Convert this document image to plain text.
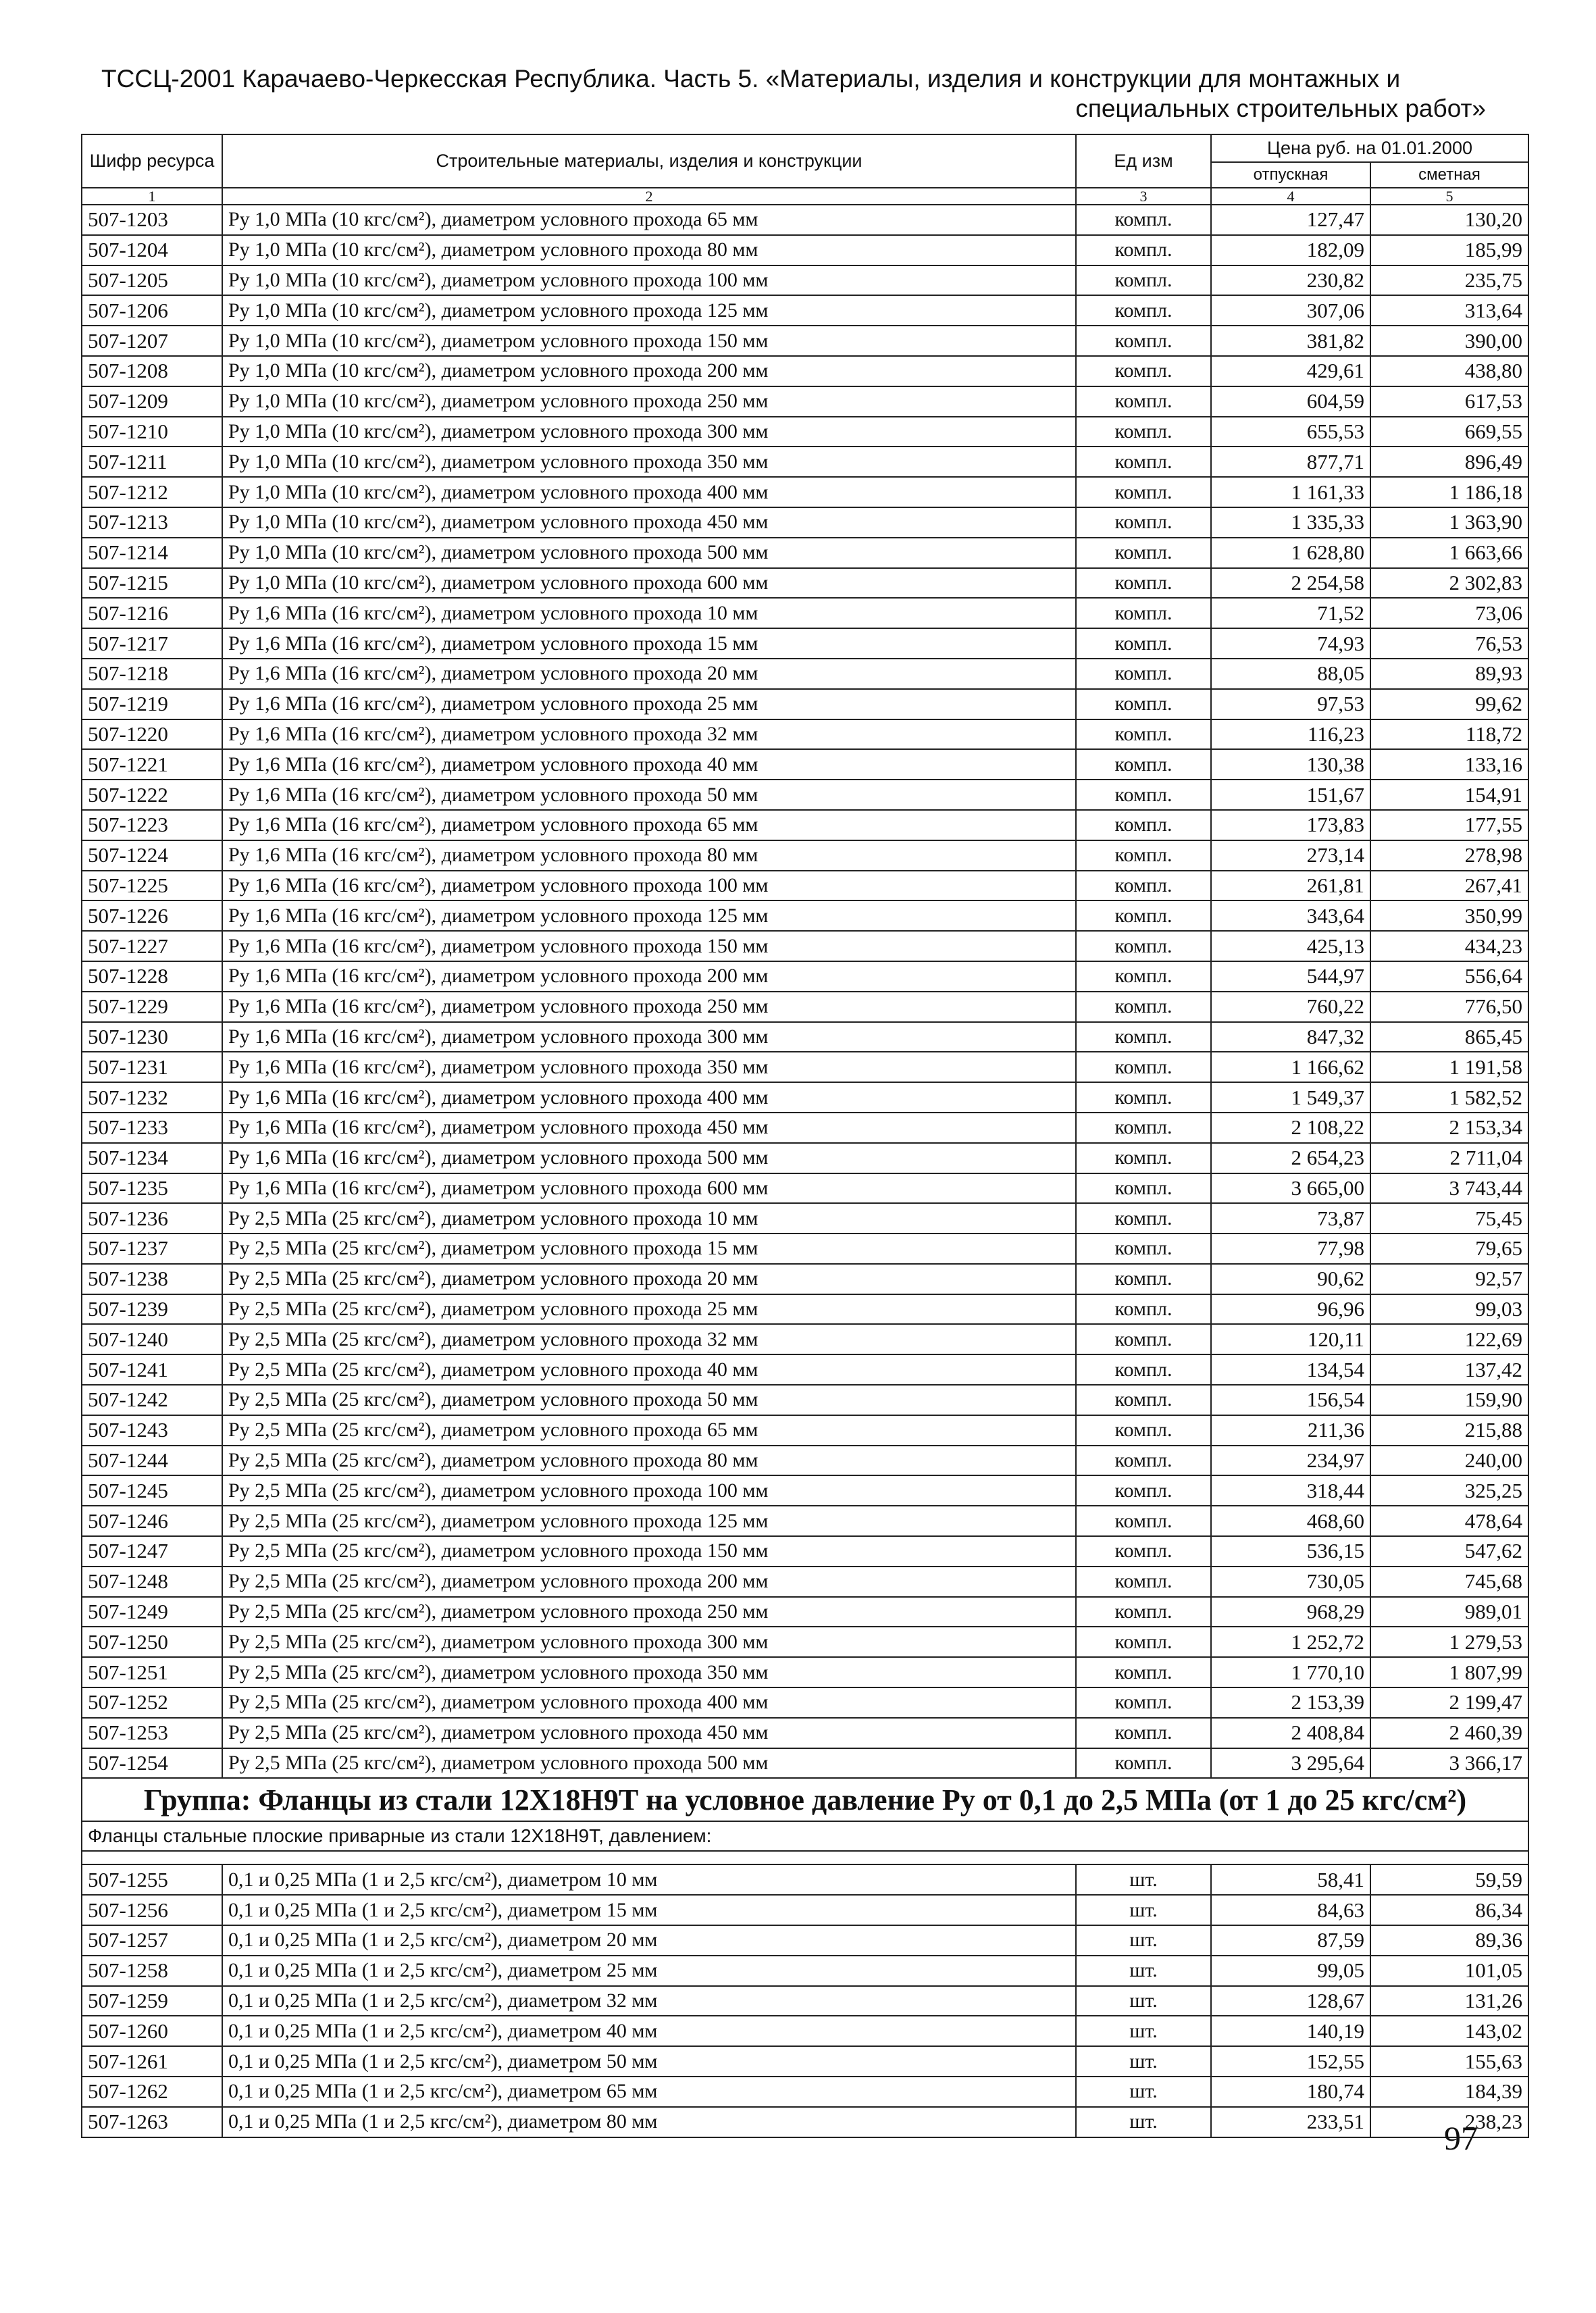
ТССЦ-2001 Карачаево-Черкесская Республика. Часть 5. «Материалы, изделия и конструкции для монтажных и
специальных строительных работ»
Шифр ресурса	Строительные материалы, изделия и конструкции	Ед изм	Цена руб. на 01.01.2000	
			отпускная	сметная
1	2	3	4	5
507-1203	Ру 1,0 МПа (10 кгс/см²), диаметром условного прохода 65 мм	компл.	127,47	130,20
507-1204	Ру 1,0 МПа (10 кгс/см²), диаметром условного прохода 80 мм	компл.	182,09	185,99
507-1205	Ру 1,0 МПа (10 кгс/см²), диаметром условного прохода 100 мм	компл.	230,82	235,75
507-1206	Ру 1,0 МПа (10 кгс/см²), диаметром условного прохода 125 мм	компл.	307,06	313,64
507-1207	Ру 1,0 МПа (10 кгс/см²), диаметром условного прохода 150 мм	компл.	381,82	390,00
507-1208	Ру 1,0 МПа (10 кгс/см²), диаметром условного прохода 200 мм	компл.	429,61	438,80
507-1209	Ру 1,0 МПа (10 кгс/см²), диаметром условного прохода 250 мм	компл.	604,59	617,53
507-1210	Ру 1,0 МПа (10 кгс/см²), диаметром условного прохода 300 мм	компл.	655,53	669,55
507-1211	Ру 1,0 МПа (10 кгс/см²), диаметром условного прохода 350 мм	компл.	877,71	896,49
507-1212	Ру 1,0 МПа (10 кгс/см²), диаметром условного прохода 400 мм	компл.	1 161,33	1 186,18
507-1213	Ру 1,0 МПа (10 кгс/см²), диаметром условного прохода 450 мм	компл.	1 335,33	1 363,90
507-1214	Ру 1,0 МПа (10 кгс/см²), диаметром условного прохода 500 мм	компл.	1 628,80	1 663,66
507-1215	Ру 1,0 МПа (10 кгс/см²), диаметром условного прохода 600 мм	компл.	2 254,58	2 302,83
507-1216	Ру 1,6 МПа (16 кгс/см²), диаметром условного прохода 10 мм	компл.	71,52	73,06
507-1217	Ру 1,6 МПа (16 кгс/см²), диаметром условного прохода 15 мм	компл.	74,93	76,53
507-1218	Ру 1,6 МПа (16 кгс/см²), диаметром условного прохода 20 мм	компл.	88,05	89,93
507-1219	Ру 1,6 МПа (16 кгс/см²), диаметром условного прохода 25 мм	компл.	97,53	99,62
507-1220	Ру 1,6 МПа (16 кгс/см²), диаметром условного прохода 32 мм	компл.	116,23	118,72
507-1221	Ру 1,6 МПа (16 кгс/см²), диаметром условного прохода 40 мм	компл.	130,38	133,16
507-1222	Ру 1,6 МПа (16 кгс/см²), диаметром условного прохода 50 мм	компл.	151,67	154,91
507-1223	Ру 1,6 МПа (16 кгс/см²), диаметром условного прохода 65 мм	компл.	173,83	177,55
507-1224	Ру 1,6 МПа (16 кгс/см²), диаметром условного прохода 80 мм	компл.	273,14	278,98
507-1225	Ру 1,6 МПа (16 кгс/см²), диаметром условного прохода 100 мм	компл.	261,81	267,41
507-1226	Ру 1,6 МПа (16 кгс/см²), диаметром условного прохода 125 мм	компл.	343,64	350,99
507-1227	Ру 1,6 МПа (16 кгс/см²), диаметром условного прохода 150 мм	компл.	425,13	434,23
507-1228	Ру 1,6 МПа (16 кгс/см²), диаметром условного прохода 200 мм	компл.	544,97	556,64
507-1229	Ру 1,6 МПа (16 кгс/см²), диаметром условного прохода 250 мм	компл.	760,22	776,50
507-1230	Ру 1,6 МПа (16 кгс/см²), диаметром условного прохода 300 мм	компл.	847,32	865,45
507-1231	Ру 1,6 МПа (16 кгс/см²), диаметром условного прохода 350 мм	компл.	1 166,62	1 191,58
507-1232	Ру 1,6 МПа (16 кгс/см²), диаметром условного прохода 400 мм	компл.	1 549,37	1 582,52
507-1233	Ру 1,6 МПа (16 кгс/см²), диаметром условного прохода 450 мм	компл.	2 108,22	2 153,34
507-1234	Ру 1,6 МПа (16 кгс/см²), диаметром условного прохода 500 мм	компл.	2 654,23	2 711,04
507-1235	Ру 1,6 МПа (16 кгс/см²), диаметром условного прохода 600 мм	компл.	3 665,00	3 743,44
507-1236	Ру 2,5 МПа (25 кгс/см²), диаметром условного прохода 10 мм	компл.	73,87	75,45
507-1237	Ру 2,5 МПа (25 кгс/см²), диаметром условного прохода 15 мм	компл.	77,98	79,65
507-1238	Ру 2,5 МПа (25 кгс/см²), диаметром условного прохода 20 мм	компл.	90,62	92,57
507-1239	Ру 2,5 МПа (25 кгс/см²), диаметром условного прохода 25 мм	компл.	96,96	99,03
507-1240	Ру 2,5 МПа (25 кгс/см²), диаметром условного прохода 32 мм	компл.	120,11	122,69
507-1241	Ру 2,5 МПа (25 кгс/см²), диаметром условного прохода 40 мм	компл.	134,54	137,42
507-1242	Ру 2,5 МПа (25 кгс/см²), диаметром условного прохода 50 мм	компл.	156,54	159,90
507-1243	Ру 2,5 МПа (25 кгс/см²), диаметром условного прохода 65 мм	компл.	211,36	215,88
507-1244	Ру 2,5 МПа (25 кгс/см²), диаметром условного прохода 80 мм	компл.	234,97	240,00
507-1245	Ру 2,5 МПа (25 кгс/см²), диаметром условного прохода 100 мм	компл.	318,44	325,25
507-1246	Ру 2,5 МПа (25 кгс/см²), диаметром условного прохода 125 мм	компл.	468,60	478,64
507-1247	Ру 2,5 МПа (25 кгс/см²), диаметром условного прохода 150 мм	компл.	536,15	547,62
507-1248	Ру 2,5 МПа (25 кгс/см²), диаметром условного прохода 200 мм	компл.	730,05	745,68
507-1249	Ру 2,5 МПа (25 кгс/см²), диаметром условного прохода 250 мм	компл.	968,29	989,01
507-1250	Ру 2,5 МПа (25 кгс/см²), диаметром условного прохода 300 мм	компл.	1 252,72	1 279,53
507-1251	Ру 2,5 МПа (25 кгс/см²), диаметром условного прохода 350 мм	компл.	1 770,10	1 807,99
507-1252	Ру 2,5 МПа (25 кгс/см²), диаметром условного прохода 400 мм	компл.	2 153,39	2 199,47
507-1253	Ру 2,5 МПа (25 кгс/см²), диаметром условного прохода 450 мм	компл.	2 408,84	2 460,39
507-1254	Ру 2,5 МПа (25 кгс/см²), диаметром условного прохода 500 мм	компл.	3 295,64	3 366,17
Группа: Фланцы из стали 12Х18Н9Т на условное давление Ру от 0,1 до 2,5 МПа (от 1 до 25 кгс/см²)				
Фланцы стальные плоские приварные из стали 12Х18Н9Т, давлением:				

507-1255	0,1 и 0,25 МПа (1 и 2,5 кгс/см²), диаметром 10 мм	шт.	58,41	59,59
507-1256	0,1 и 0,25 МПа (1 и 2,5 кгс/см²), диаметром 15 мм	шт.	84,63	86,34
507-1257	0,1 и 0,25 МПа (1 и 2,5 кгс/см²), диаметром 20 мм	шт.	87,59	89,36
507-1258	0,1 и 0,25 МПа (1 и 2,5 кгс/см²), диаметром 25 мм	шт.	99,05	101,05
507-1259	0,1 и 0,25 МПа (1 и 2,5 кгс/см²), диаметром 32 мм	шт.	128,67	131,26
507-1260	0,1 и 0,25 МПа (1 и 2,5 кгс/см²), диаметром 40 мм	шт.	140,19	143,02
507-1261	0,1 и 0,25 МПа (1 и 2,5 кгс/см²), диаметром 50 мм	шт.	152,55	155,63
507-1262	0,1 и 0,25 МПа (1 и 2,5 кгс/см²), диаметром 65 мм	шт.	180,74	184,39
507-1263	0,1 и 0,25 МПа (1 и 2,5 кгс/см²), диаметром 80 мм	шт.	233,51	238,23
97
